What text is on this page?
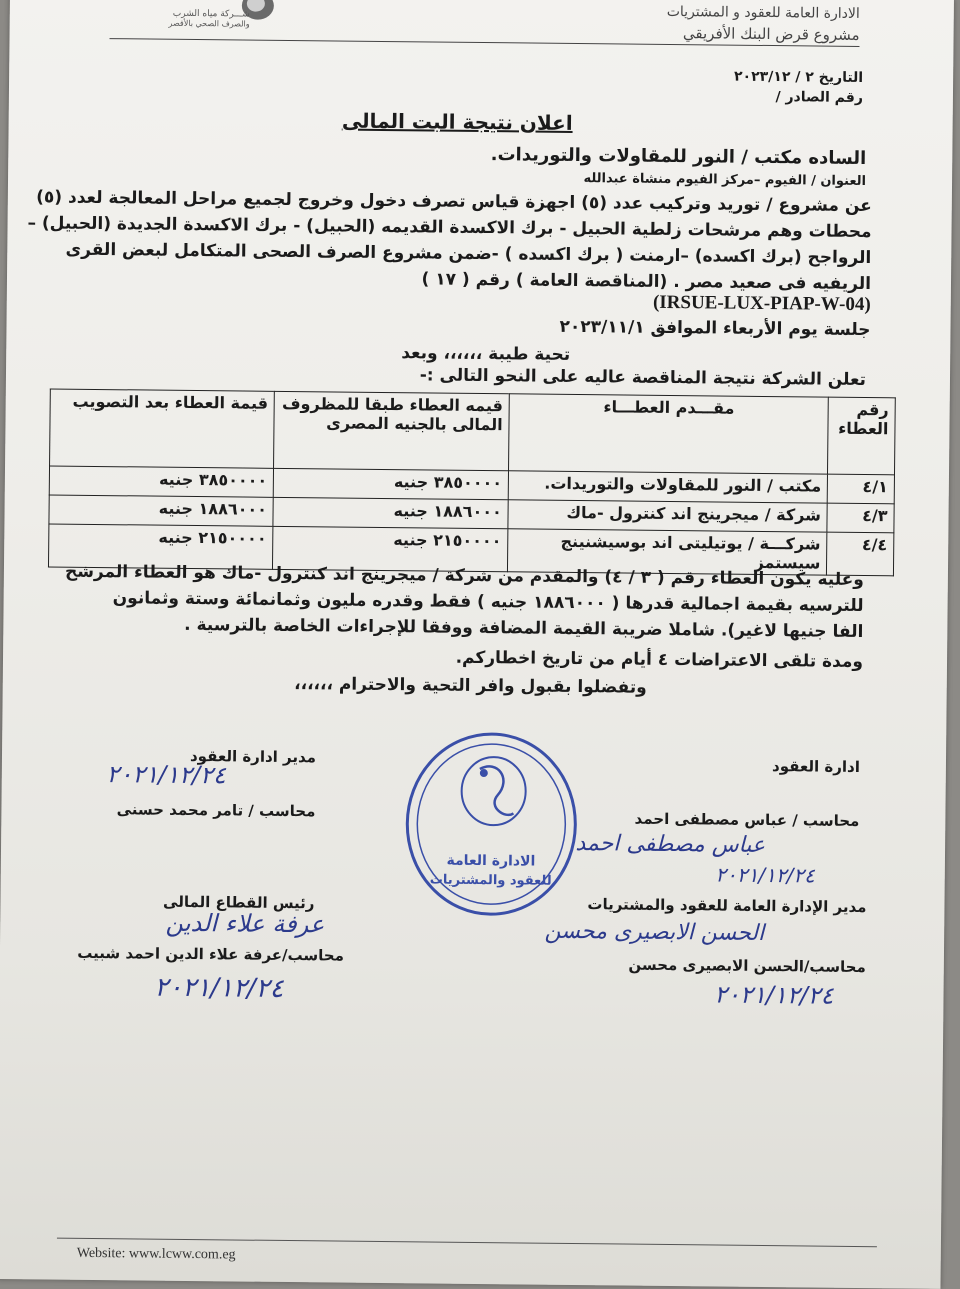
شـــركة مياه الشرب
والصرف الصحي بالأقصر
الادارة العامة للعقود و المشتريات
مشروع قرض البنك الأفريقي
التاريخ ٢ / ٢٠٢٣/١٢
رقم الصادر /
اعلان نتيجة البت المالى
الساده مكتب / النور للمقاولات والتوريدات.
العنوان / الفيوم –مركز الفيوم منشاة عبدالله
عن مشروع / توريد وتركيب عدد (٥) اجهزة قياس تصرف دخول وخروج لجميع مراحل المعالجة لعدد (٥)
محطات وهم مرشحات زلطية الحبيل - برك الاكسدة القديمه (الحبيل) - برك الاكسدة الجديدة (الحبيل) –
الرواجح (برك اكسده) –ارمنت ( برك اكسده ) -ضمن مشروع الصرف الصحى المتكامل لبعض القرى
الريفيه فى صعيد مصر . (المناقصة العامة ) رقم ( ١٧ )
(IRSUE-LUX-PIAP-W-04)
جلسة يوم الأربعاء الموافق ٢٠٢٣/١١/١
تحية طيبة ،،،،،، وبعد
تعلن الشركة نتيجة المناقصة عاليه على النحو التالى :-
رقم العطاء	مقـــدم العطـــاء	قيمه العطاء طبقا للمظروف المالى بالجنيه المصرى	قيمة العطاء بعد التصويب
٤/١	مكتب / النور للمقاولات والتوريدات.	٣٨٥٠٠٠٠ جنيه	٣٨٥٠٠٠٠ جنيه
٤/٣	شركة / ميجرينج اند كنترول -ماك	١٨٨٦٠٠٠ جنيه	١٨٨٦٠٠٠ جنيه
٤/٤	شركـــة / يوتيليتى اند بوسيشنينج سيستمز	٢١٥٠٠٠٠ جنيه	٢١٥٠٠٠٠ جنيه
وعليه يكون العطاء رقم ( ٣ / ٤) والمقدم من شركة / ميجرينج اند كنترول -ماك هو العطاء المرشح
للترسيه بقيمة اجمالية قدرها ( ١٨٨٦٠٠٠ جنيه ) فقط وقدره مليون وثمانمائة وستة وثمانون
الفا جنيها لاغير). شاملا ضريبة القيمة المضافة ووفقا للإجراءات الخاصة بالترسية .
ومدة تلقى الاعتراضات ٤ أيام من تاريخ اخطاركم.
وتفضلوا بقبول وافر التحية والاحترام ،،،،،،
ادارة العقود
محاسب / عباس مصطفى احمد
عباس مصطفى احمد
٢٠٢١/١٢/٢٤
مدير ادارة العقود
محاسب / تامر محمد حسنى
٢٠٢١/١٢/٢٤
مدير الإدارة العامة للعقود والمشتريات
الحسن الابصيرى محسن
محاسب/الحسن الابصيرى محسن
٢٠٢١/١٢/٢٤
رئيس القطاع المالى
عرفة علاء الدين
محاسب/عرفة علاء الدين احمد شبيب
٢٠٢١/١٢/٢٤
الادارة العامة
للعقود والمشتريات
Website: www.lcww.com.eg
